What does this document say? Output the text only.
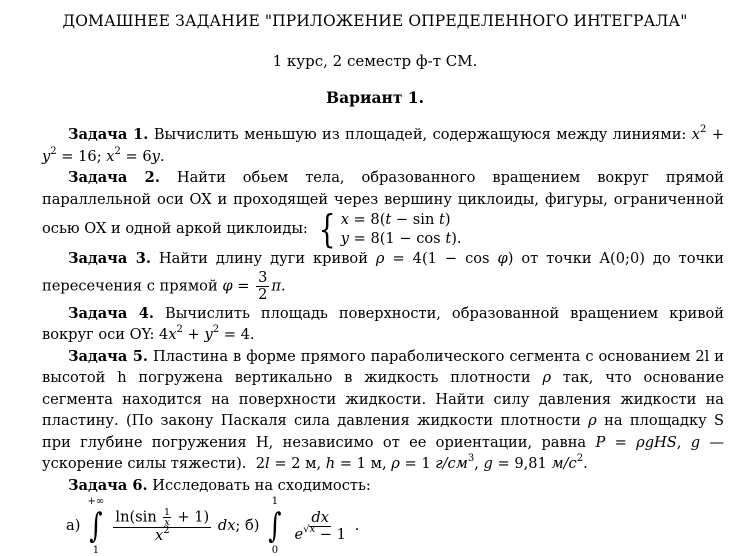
ДОМАШНЕЕ ЗАДАНИЕ "ПРИЛОЖЕНИЕ ОПРЕДЕЛЕННОГО ИНТЕГРАЛА"
1 курс, 2 семестр ф-т СМ.
Вариант 1.

Задача 1. Вычислить меньшую из площадей, содержащуюся между линиями: $x^2 + y^2 = 16$; $x^2 = 6y$.

Задача 2. Найти обьем тела, образованного вращением вокруг прямой параллельной оси OX и проходящей через вершину циклоиды, фигуры, ограниченной осью OX и одной аркой циклоиды: { x = 8(t − sin t)
y = 8(1 − cos t).

Задача 3. Найти длину дуги кривой ρ = 4(1 − cos φ) от точки A(0;0) до точки пересечения с прямой $\varphi = \frac{3}{2} \pi$.

Задача 4. Вычислить площадь поверхности, образованной вращением кривой вокруг оси OY: $4x^2 + y^2 = 4$.

Задача 5. Пластина в форме прямого параболического сегмента с основанием 2l и высотой h погружена вертикально в жидкость плотности ρ так, что основание сегмента находится на поверхности жидкости. Найти силу давления жидкости на пластину. (По закону Паскаля сила давления жидкости плотности ρ на площадку S при глубине погружения H, независимо от ее ориентации, равна P = ρgHS, g — ускорение силы тяжести).  2l = 2 м, h = 1 м, ρ = 1 $г/см^3$, g = 9,81 $м/с^2$.

Задача 6. Исследовать на сходимость:

а)
+∞
∫
1

$\frac{\ln(\sin \frac{1}{x} + 1)}{x^2}$ dx; б)
1
∫
0

$\frac{dx}{e^{√x} - 1}$ .
